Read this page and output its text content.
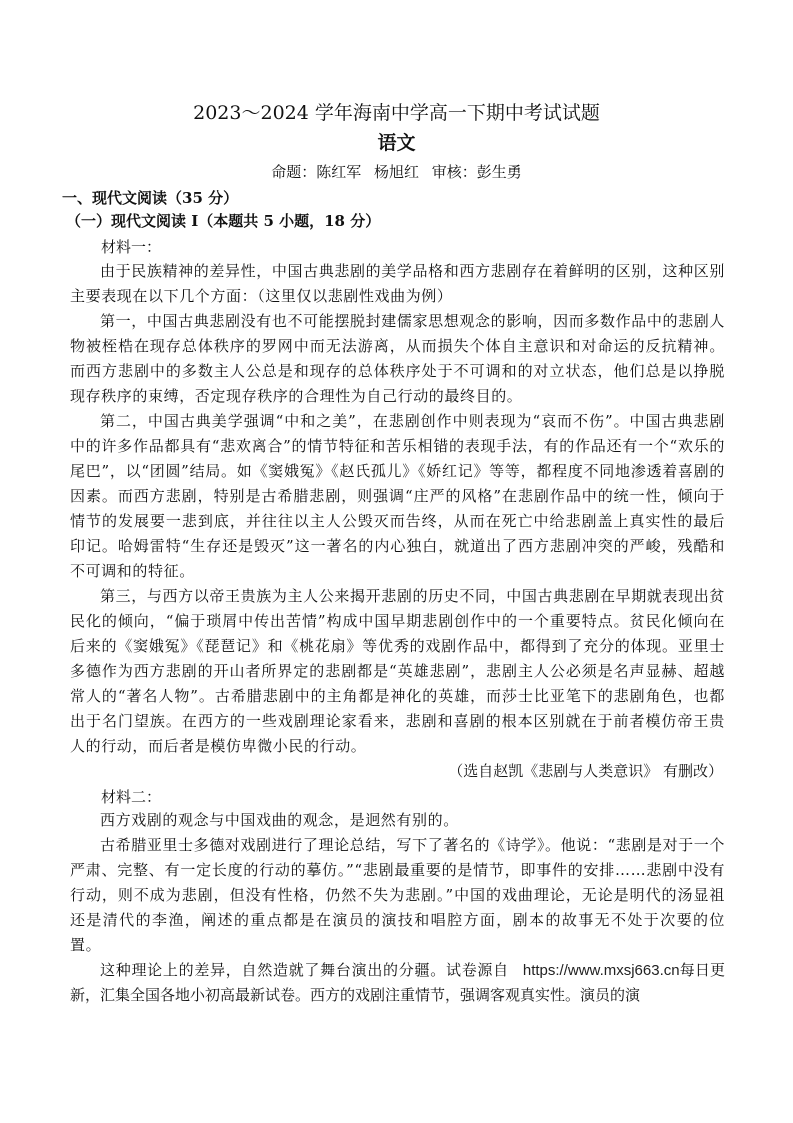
2023～2024 学年海南中学高一下期中考试试题
语文
命题：陈红军 杨旭红 审核：彭生勇
一、现代文阅读（35 分）
（一）现代文阅读 I（本题共 5 小题，18 分）
材料一：

由于民族精神的差异性，中国古典悲剧的美学品格和西方悲剧存在着鲜明的区别，这种区别主要表现在以下几个方面：（这里仅以悲剧性戏曲为例）

第一，中国古典悲剧没有也不可能摆脱封建儒家思想观念的影响，因而多数作品中的悲剧人物被桎梏在现存总体秩序的罗网中而无法游离，从而损失个体自主意识和对命运的反抗精神。而西方悲剧中的多数主人公总是和现存的总体秩序处于不可调和的对立状态，他们总是以挣脱现存秩序的束缚，否定现存秩序的合理性为自己行动的最终目的。

第二，中国古典美学强调“中和之美”，在悲剧创作中则表现为“哀而不伤”。中国古典悲剧中的许多作品都具有“悲欢离合”的情节特征和苦乐相错的表现手法，有的作品还有一个“欢乐的尾巴”，以“团圆”结局。如《窦娥冤》《赵氏孤儿》《娇红记》等等，都程度不同地渗透着喜剧的因素。而西方悲剧，特别是古希腊悲剧，则强调“庄严的风格”在悲剧作品中的统一性，倾向于情节的发展要一悲到底，并往往以主人公毁灭而告终，从而在死亡中给悲剧盖上真实性的最后印记。哈姆雷特“生存还是毁灭”这一著名的内心独白，就道出了西方悲剧冲突的严峻，残酷和不可调和的特征。

第三，与西方以帝王贵族为主人公来揭开悲剧的历史不同，中国古典悲剧在早期就表现出贫民化的倾向，“偏于琐屑中传出苦情”构成中国早期悲剧创作中的一个重要特点。贫民化倾向在后来的《窦娥冤》《琵琶记》和《桃花扇》等优秀的戏剧作品中，都得到了充分的体现。亚里士多德作为西方悲剧的开山者所界定的悲剧都是“英雄悲剧”，悲剧主人公必须是名声显赫、超越常人的“著名人物”。古希腊悲剧中的主角都是神化的英雄，而莎士比亚笔下的悲剧角色，也都出于名门望族。在西方的一些戏剧理论家看来，悲剧和喜剧的根本区别就在于前者模仿帝王贵人的行动，而后者是模仿卑微小民的行动。

（选自赵凯《悲剧与人类意识》 有删改）
材料二：

西方戏剧的观念与中国戏曲的观念，是迥然有别的。

古希腊亚里士多德对戏剧进行了理论总结，写下了著名的《诗学》。他说：“悲剧是对于一个严肃、完整、有一定长度的行动的摹仿。”“悲剧最重要的是情节，即事件的安排……悲剧中没有行动，则不成为悲剧，但没有性格，仍然不失为悲剧。”中国的戏曲理论，无论是明代的汤显祖还是清代的李渔，阐述的重点都是在演员的演技和唱腔方面，剧本的故事无不处于次要的位置。

这种理论上的差异，自然造就了舞台演出的分疆。试卷源自 https://www.mxsj663.cn每日更新，汇集全国各地小初高最新试卷。西方的戏剧注重情节，强调客观真实性。演员的演
